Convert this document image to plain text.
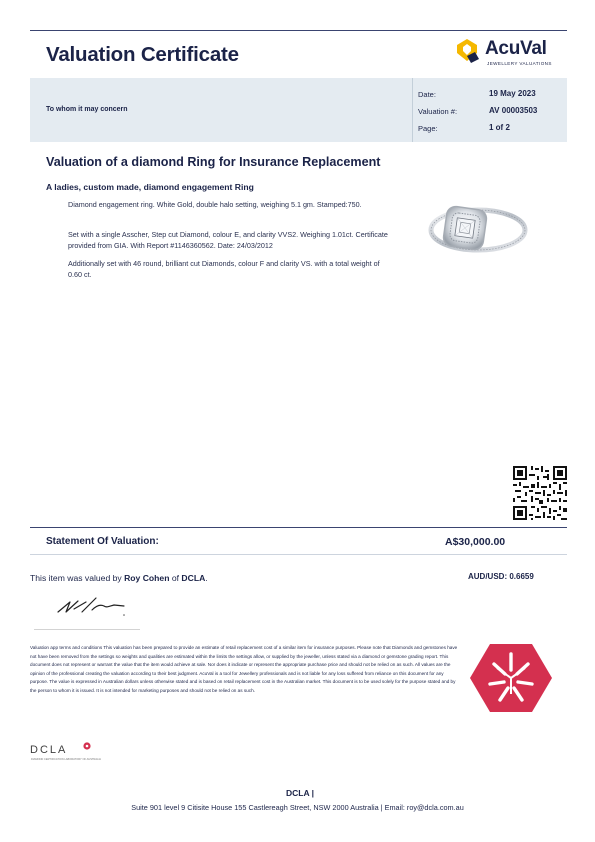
Valuation Certificate	AcuVal
JEWELLERY VALUATIONS
To whom it may concern
Date:	19 May 2023
Valuation #:	AV 00003503
Page:	1 of 2
Valuation of a diamond Ring for Insurance Replacement
A ladies, custom made, diamond engagement Ring
Diamond engagement ring. White Gold, double halo setting, weighing 5.1 gm. Stamped:750.
Set with a single Asscher, Step cut Diamond, colour E, and clarity VVS2. Weighing 1.01ct. Certificate provided from GIA. With Report #1146360562. Date: 24/03/2012
Additionally set with 46 round, brilliant cut Diamonds, colour F and clarity VS. with a total weight of 0.60 ct.
Statement Of Valuation:	A$30,000.00
This item was valued by Roy Cohen of DCLA.	AUD/USD: 0.6659
Valuation app terms and conditions This valuation has been prepared to provide an estimate of retail replacement cost of a similar item for insurance purposes. Please note that Diamonds and gemstones have not have been removed from the settings so weights and qualities are estimated within the limits the settings allow, or supplied by the jeweller, unless stated via a diamond or gemstone grading report. This document does not represent or warrant the value that the item would achieve at sale. Nor does it indicate or represent the appropriate purchase price and should not be relied on as such. All values are the opinion of the professional creating the valuation according to their best judgment. AcuVal is a tool for Jewellery professionals and is not liable for any loss suffered from reliance on this document for any purpose. The value is expressed in Australian dollars unless otherwise stated and is based on retail replacement cost in the Australian market. This document is to be used solely for the purpose stated and by the person to whom it is issued. It is not intended for marketing purposes and should not be relied on as such.
DCLA
DIAMOND CERTIFICATION LABORATORY OF AUSTRALIA
DCLA |
Suite 901 level 9 Citisite House 155 Castlereagh Street, NSW 2000 Australia | Email: roy@dcla.com.au
